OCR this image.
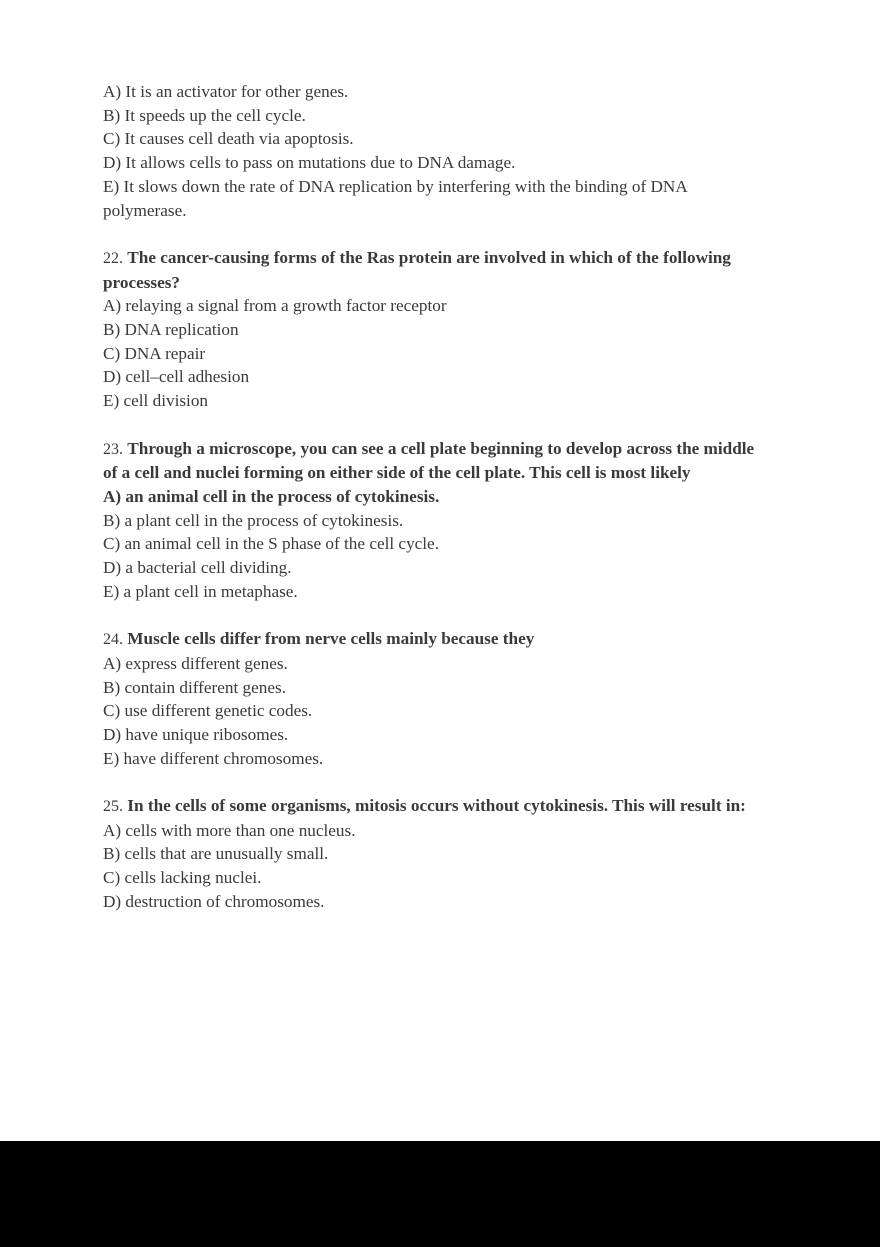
A) It is an activator for other genes.

B) It speeds up the cell cycle.

C) It causes cell death via apoptosis.

D) It allows cells to pass on mutations due to DNA damage.

E) It slows down the rate of DNA replication by interfering with the binding of DNA polymerase.

22. The cancer-causing forms of the Ras protein are involved in which of the following processes?

A) relaying a signal from a growth factor receptor

B) DNA replication

C) DNA repair

D) cell–cell adhesion

E) cell division

23. Through a microscope, you can see a cell plate beginning to develop across the middle of a cell and nuclei forming on either side of the cell plate. This cell is most likely

A) an animal cell in the process of cytokinesis.

B) a plant cell in the process of cytokinesis.

C) an animal cell in the S phase of the cell cycle.

D) a bacterial cell dividing.

E) a plant cell in metaphase.

24. Muscle cells differ from nerve cells mainly because they

A) express different genes.

B) contain different genes.

C) use different genetic codes.

D) have unique ribosomes.

E) have different chromosomes.

25. In the cells of some organisms, mitosis occurs without cytokinesis. This will result in:

A) cells with more than one nucleus.

B) cells that are unusually small.

C) cells lacking nuclei.

D) destruction of chromosomes.
